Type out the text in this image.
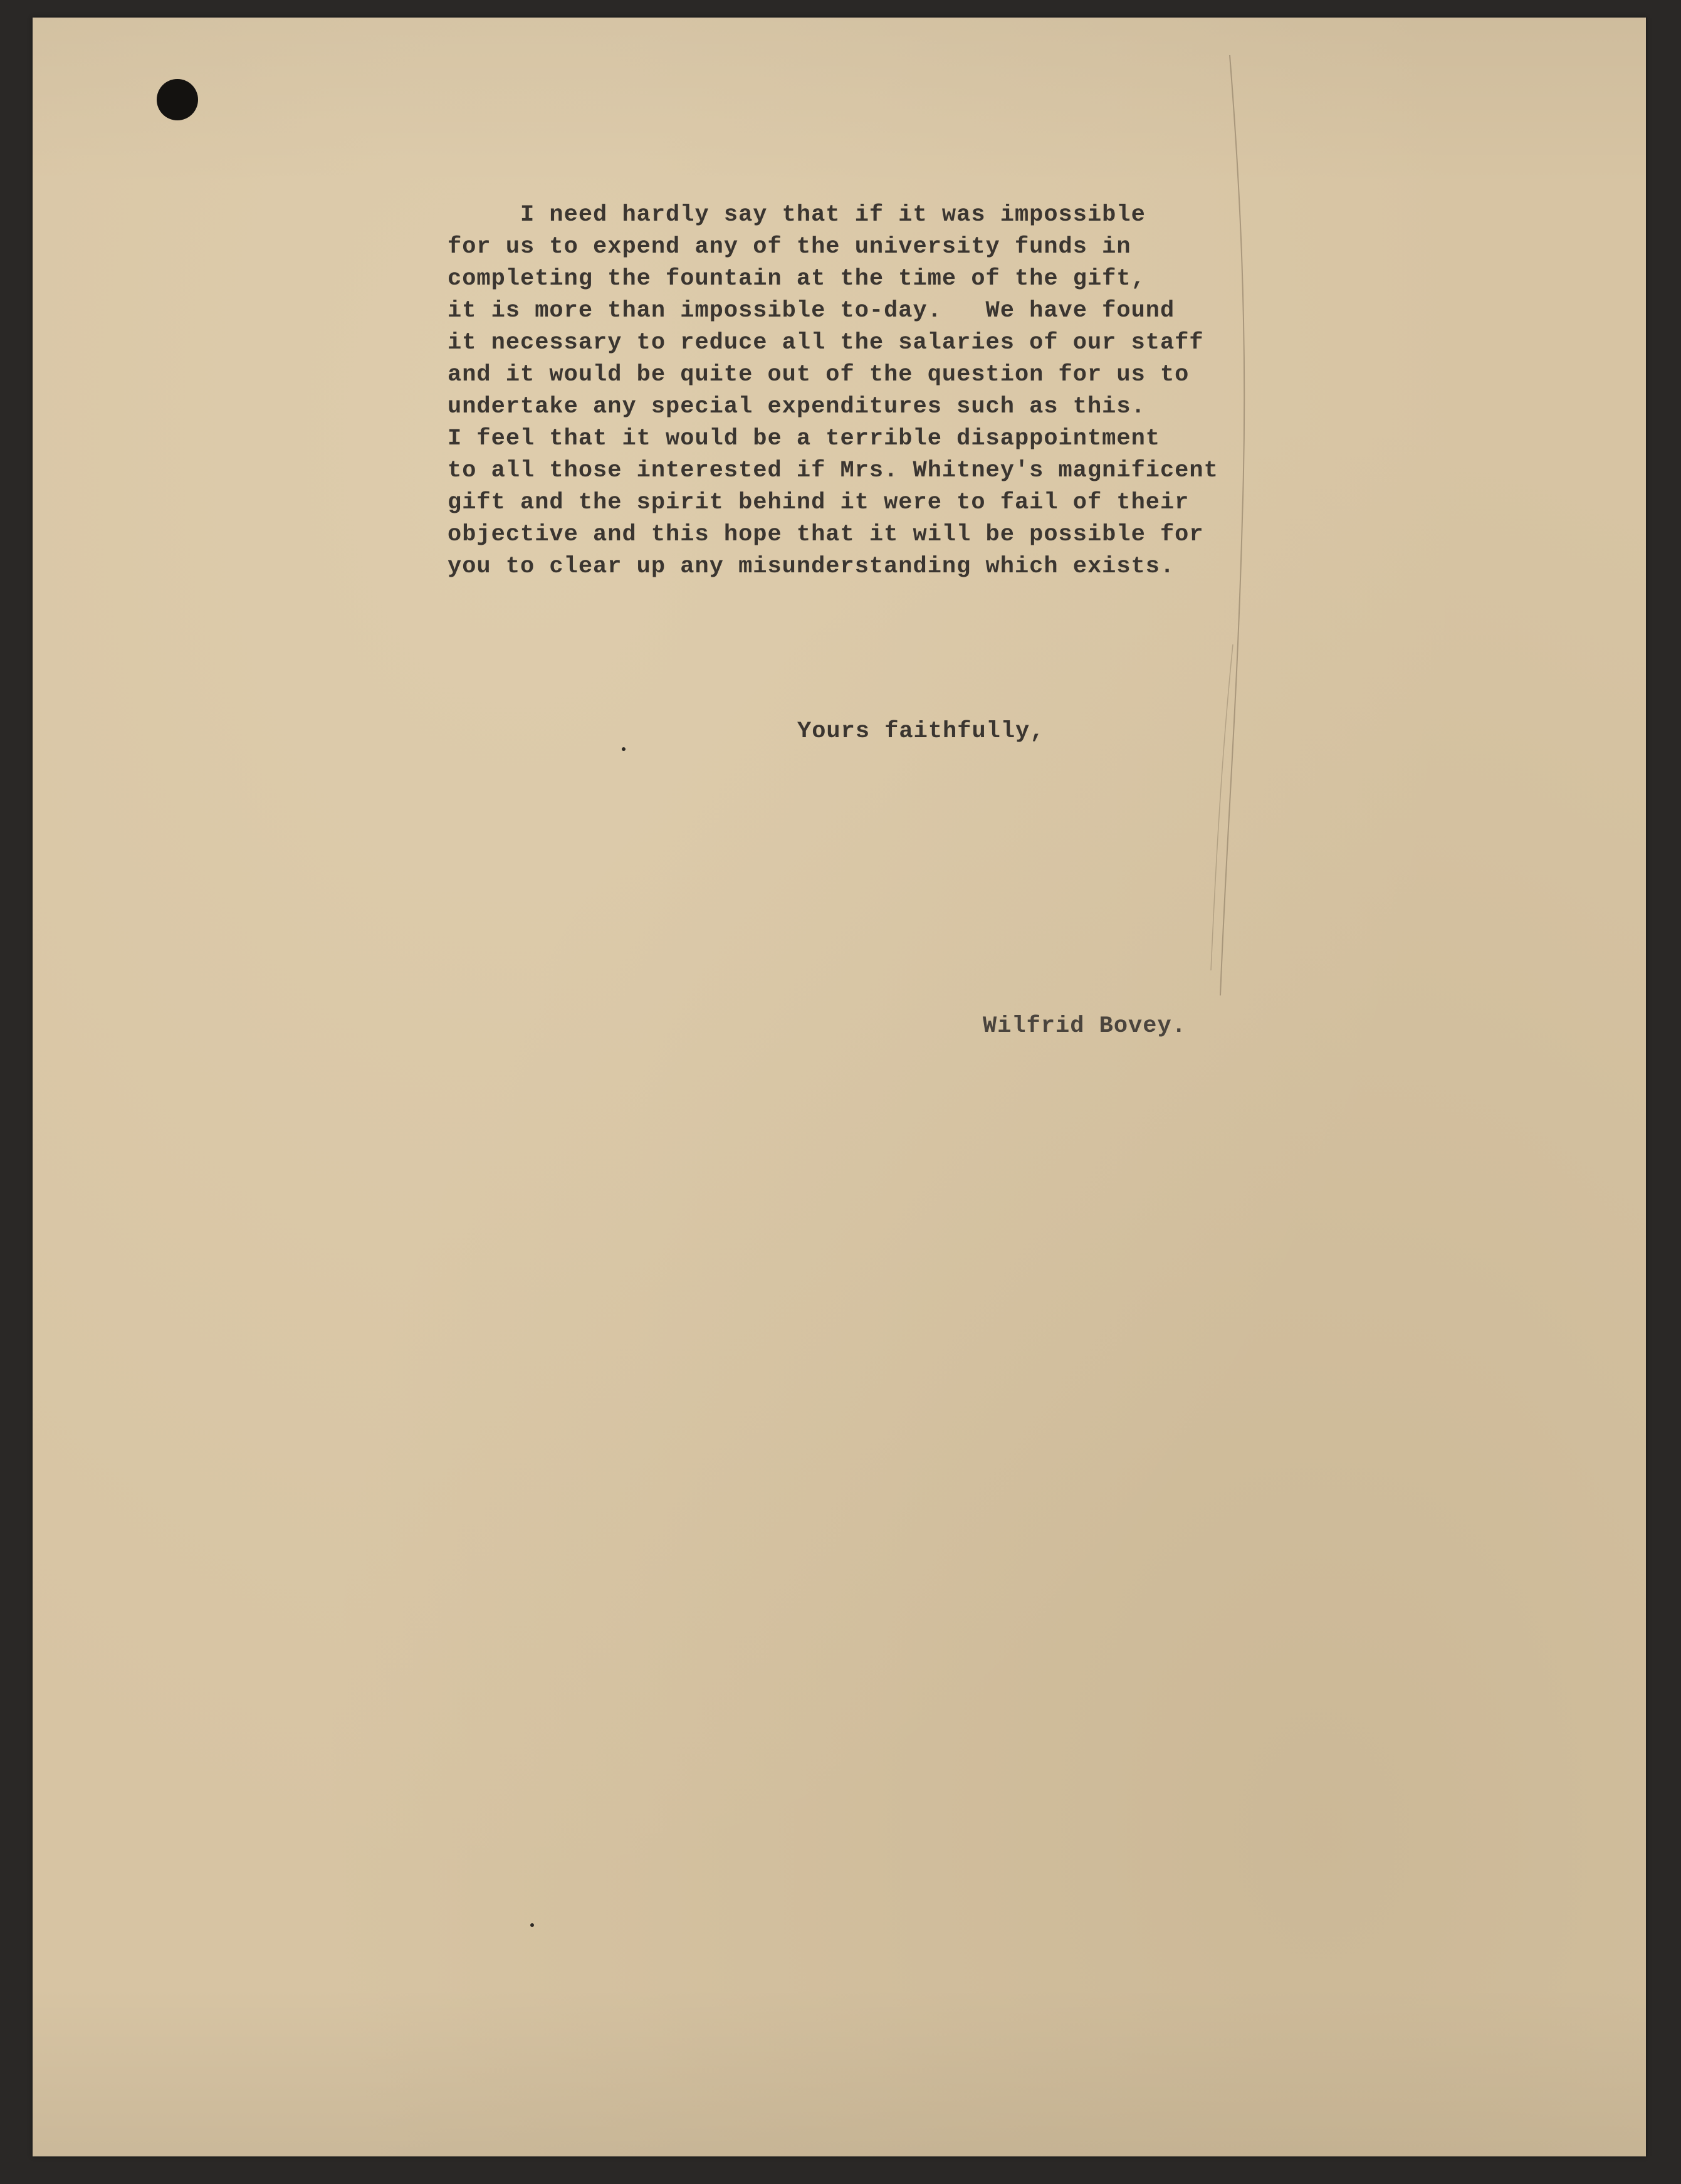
I need hardly say that if it was impossible
for us to expend any of the university funds in
completing the fountain at the time of the gift,
it is more than impossible to-day.   We have found
it necessary to reduce all the salaries of our staff
and it would be quite out of the question for us to
undertake any special expenditures such as this.
I feel that it would be a terrible disappointment
to all those interested if Mrs. Whitney's magnificent
gift and the spirit behind it were to fail of their
objective and this hope that it will be possible for
you to clear up any misunderstanding which exists.
Yours faithfully,
Wilfrid Bovey.
